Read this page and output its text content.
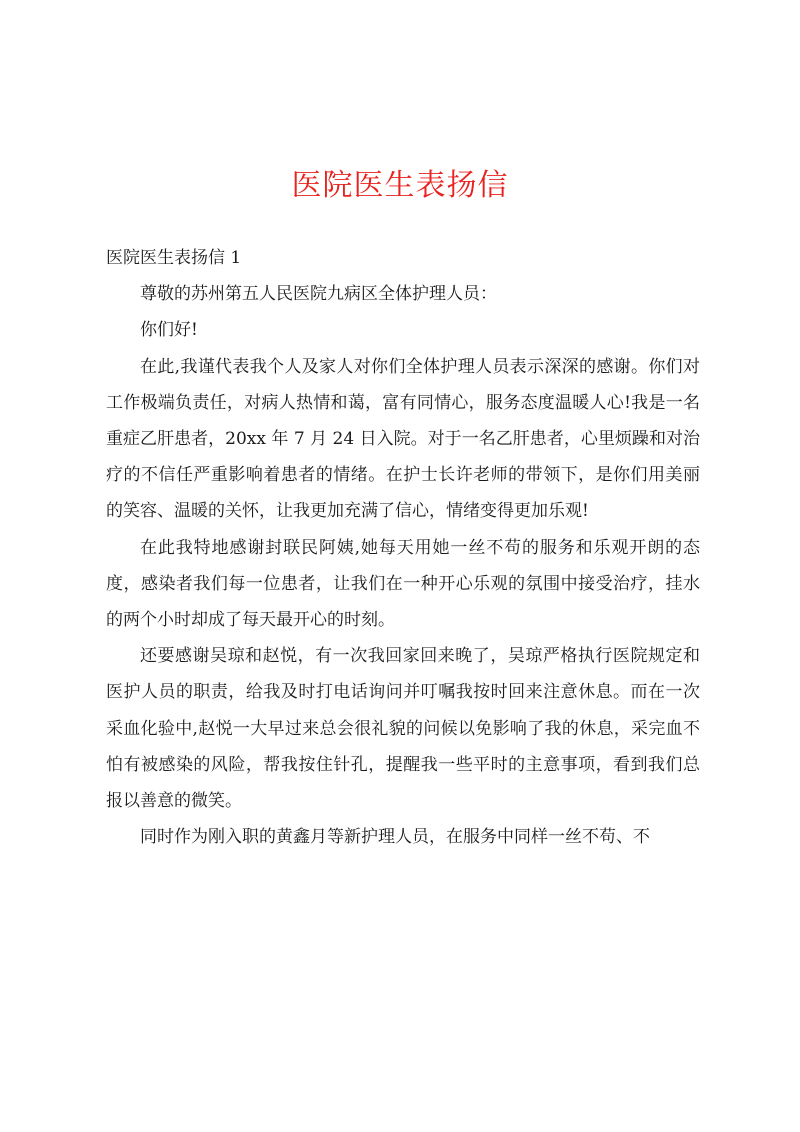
医院医生表扬信

医院医生表扬信 1

尊敬的苏州第五人民医院九病区全体护理人员：

你们好!

在此,我谨代表我个人及家人对你们全体护理人员表示深深的感谢。你们对工作极端负责任，对病人热情和蔼，富有同情心，服务态度温暖人心!我是一名重症乙肝患者，20xx 年 7 月 24 日入院。对于一名乙肝患者，心里烦躁和对治疗的不信任严重影响着患者的情绪。在护士长许老师的带领下，是你们用美丽的笑容、温暖的关怀，让我更加充满了信心，情绪变得更加乐观!

在此我特地感谢封联民阿姨,她每天用她一丝不苟的服务和乐观开朗的态度，感染者我们每一位患者，让我们在一种开心乐观的氛围中接受治疗，挂水的两个小时却成了每天最开心的时刻。

还要感谢吴琼和赵悦，有一次我回家回来晚了，吴琼严格执行医院规定和医护人员的职责，给我及时打电话询问并叮嘱我按时回来注意休息。而在一次采血化验中,赵悦一大早过来总会很礼貌的问候以免影响了我的休息，采完血不怕有被感染的风险，帮我按住针孔，提醒我一些平时的主意事项，看到我们总报以善意的微笑。

同时作为刚入职的黄鑫月等新护理人员，在服务中同样一丝不苟、不
